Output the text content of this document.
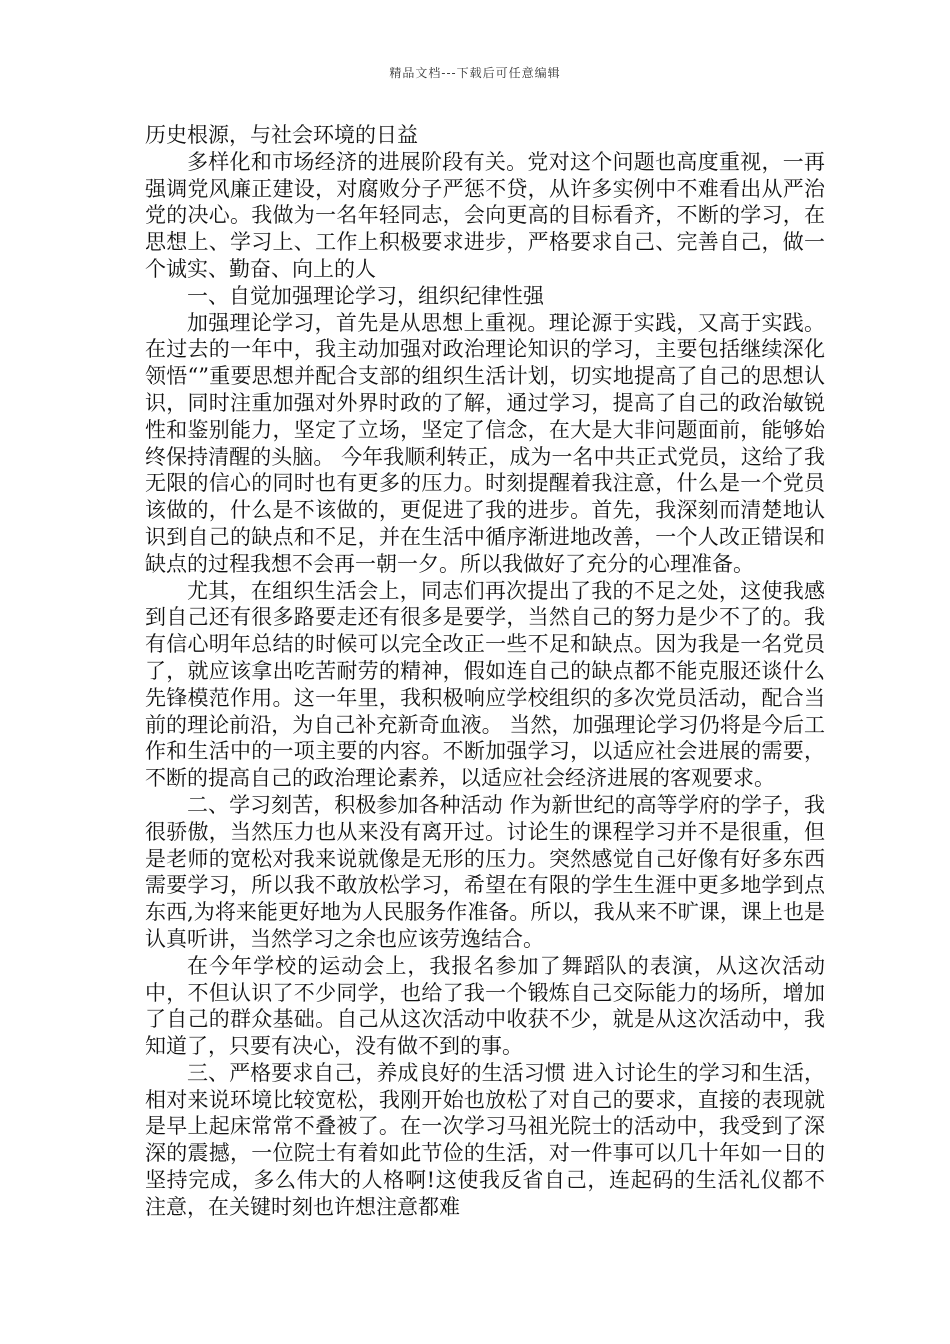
精品文档---下载后可任意编辑

历史根源，与社会环境的日益

多样化和市场经济的进展阶段有关。党对这个问题也高度重视，一再强调党风廉正建设，对腐败分子严惩不贷，从许多实例中不难看出从严治党的决心。我做为一名年轻同志，会向更高的目标看齐，不断的学习，在思想上、学习上、工作上积极要求进步，严格要求自己、完善自己，做一个诚实、勤奋、向上的人

一、自觉加强理论学习，组织纪律性强

加强理论学习，首先是从思想上重视。理论源于实践，又高于实践。在过去的一年中，我主动加强对政治理论知识的学习，主要包括继续深化领悟“”重要思想并配合支部的组织生活计划，切实地提高了自己的思想认识，同时注重加强对外界时政的了解，通过学习，提高了自己的政治敏锐性和鉴别能力，坚定了立场，坚定了信念，在大是大非问题面前，能够始终保持清醒的头脑。 今年我顺利转正，成为一名中共正式党员，这给了我无限的信心的同时也有更多的压力。时刻提醒着我注意，什么是一个党员该做的，什么是不该做的，更促进了我的进步。首先，我深刻而清楚地认识到自己的缺点和不足，并在生活中循序渐进地改善，一个人改正错误和缺点的过程我想不会再一朝一夕。所以我做好了充分的心理准备。

尤其，在组织生活会上，同志们再次提出了我的不足之处，这使我感到自己还有很多路要走还有很多是要学，当然自己的努力是少不了的。我有信心明年总结的时候可以完全改正一些不足和缺点。因为我是一名党员了，就应该拿出吃苦耐劳的精神，假如连自己的缺点都不能克服还谈什么先锋模范作用。这一年里，我积极响应学校组织的多次党员活动，配合当前的理论前沿，为自己补充新奇血液。 当然，加强理论学习仍将是今后工作和生活中的一项主要的内容。不断加强学习，以适应社会进展的需要，不断的提高自己的政治理论素养，以适应社会经济进展的客观要求。

二、学习刻苦，积极参加各种活动 作为新世纪的高等学府的学子，我很骄傲，当然压力也从来没有离开过。讨论生的课程学习并不是很重，但是老师的宽松对我来说就像是无形的压力。突然感觉自己好像有好多东西需要学习，所以我不敢放松学习，希望在有限的学生生涯中更多地学到点东西,为将来能更好地为人民服务作准备。所以，我从来不旷课，课上也是认真听讲，当然学习之余也应该劳逸结合。

在今年学校的运动会上，我报名参加了舞蹈队的表演，从这次活动中，不但认识了不少同学，也给了我一个锻炼自己交际能力的场所，增加了自己的群众基础。自己从这次活动中收获不少，就是从这次活动中，我知道了，只要有决心，没有做不到的事。

三、严格要求自己，养成良好的生活习惯 进入讨论生的学习和生活，相对来说环境比较宽松，我刚开始也放松了对自己的要求，直接的表现就是早上起床常常不叠被了。在一次学习马祖光院士的活动中，我受到了深深的震撼，一位院士有着如此节俭的生活，对一件事可以几十年如一日的坚持完成，多么伟大的人格啊!这使我反省自己，连起码的生活礼仪都不注意，在关键时刻也许想注意都难
